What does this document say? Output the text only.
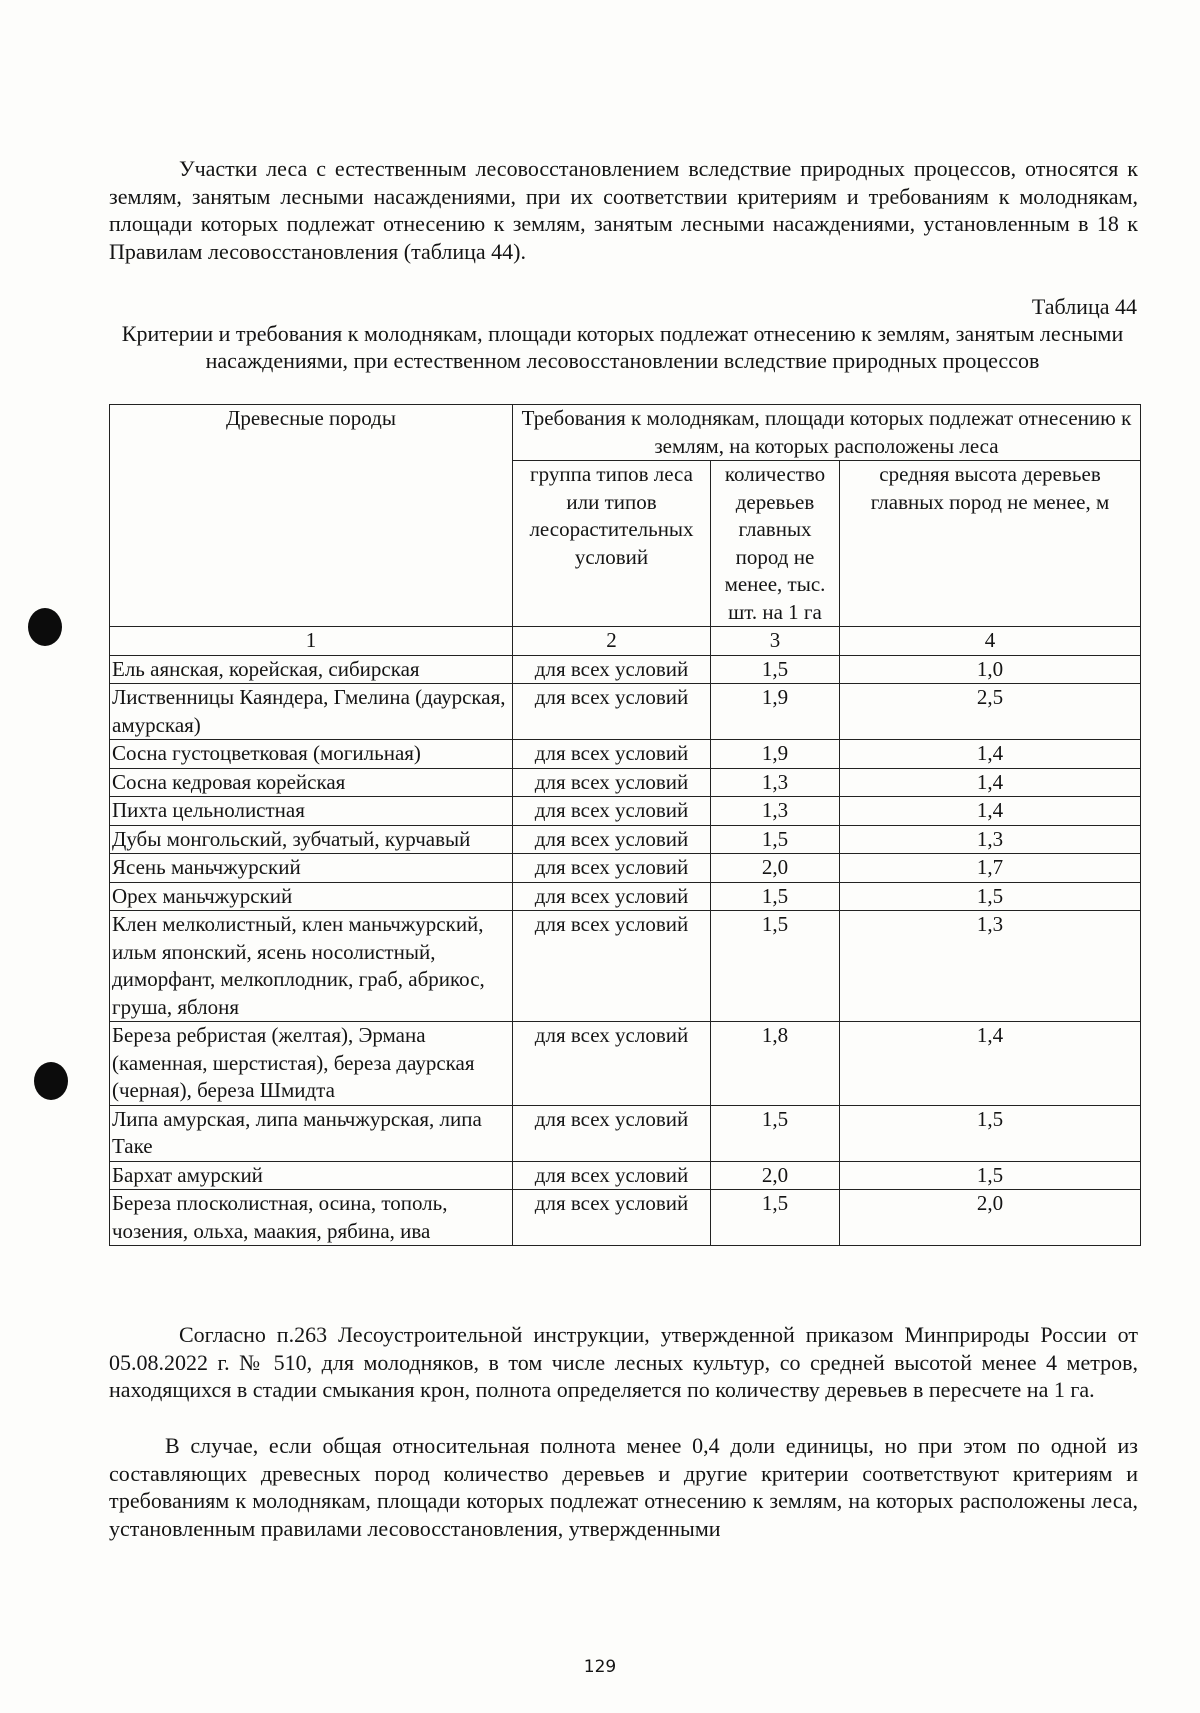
Участки леса с естественным лесовосстановлением вследствие природных процессов, относятся к землям, занятым лесными насаждениями, при их соответствии критериям и требованиям к молоднякам, площади которых подлежат отнесению к землям, занятым лесными насаждениями, установленным в 18 к Правилам лесовосстановления (таблица 44).

Таблица 44

Критерии и требования к молоднякам, площади которых подлежат отнесению к землям, занятым лесными насаждениями, при естественном лесовосстановлении вследствие природных процессов

Древесные породы	Требования к молоднякам, площади которых подлежат отнесению к землям, на которых расположены леса		
	группа типов леса или типов лесорастительных условий	количество деревьев главных пород не менее, тыс. шт. на 1 га	средняя высота деревьев главных пород не менее, м
1	2	3	4
Ель аянская, корейская, сибирская	для всех условий	1,5	1,0
Лиственницы Каяндера, Гмелина (даурская, амурская)	для всех условий	1,9	2,5
Сосна густоцветковая (могильная)	для всех условий	1,9	1,4
Сосна кедровая корейская	для всех условий	1,3	1,4
Пихта цельнолистная	для всех условий	1,3	1,4
Дубы монгольский, зубчатый, курчавый	для всех условий	1,5	1,3
Ясень маньчжурский	для всех условий	2,0	1,7
Орех маньчжурский	для всех условий	1,5	1,5
Клен мелколистный, клен маньчжурский, ильм японский, ясень носолистный, диморфант, мелкоплодник, граб, абрикос, груша, яблоня	для всех условий	1,5	1,3
Береза ребристая (желтая), Эрмана (каменная, шерстистая), береза даурская (черная), береза Шмидта	для всех условий	1,8	1,4
Липа амурская, липа маньчжурская, липа Таке	для всех условий	1,5	1,5
Бархат амурский	для всех условий	2,0	1,5
Береза плосколистная, осина, тополь, чозения, ольха, маакия, рябина, ива	для всех условий	1,5	2,0

Согласно п.263 Лесоустроительной инструкции, утвержденной приказом Минприроды России от 05.08.2022 г. № 510, для молодняков, в том числе лесных культур, со средней высотой менее 4 метров, находящихся в стадии смыкания крон, полнота определяется по количеству деревьев в пересчете на 1 га.

В случае, если общая относительная полнота менее 0,4 доли единицы, но при этом по одной из составляющих древесных пород количество деревьев и другие критерии соответствуют критериям и требованиям к молоднякам, площади которых подлежат отнесению к землям, на которых расположены леса, установленным правилами лесовосстановления, утвержденными

129
